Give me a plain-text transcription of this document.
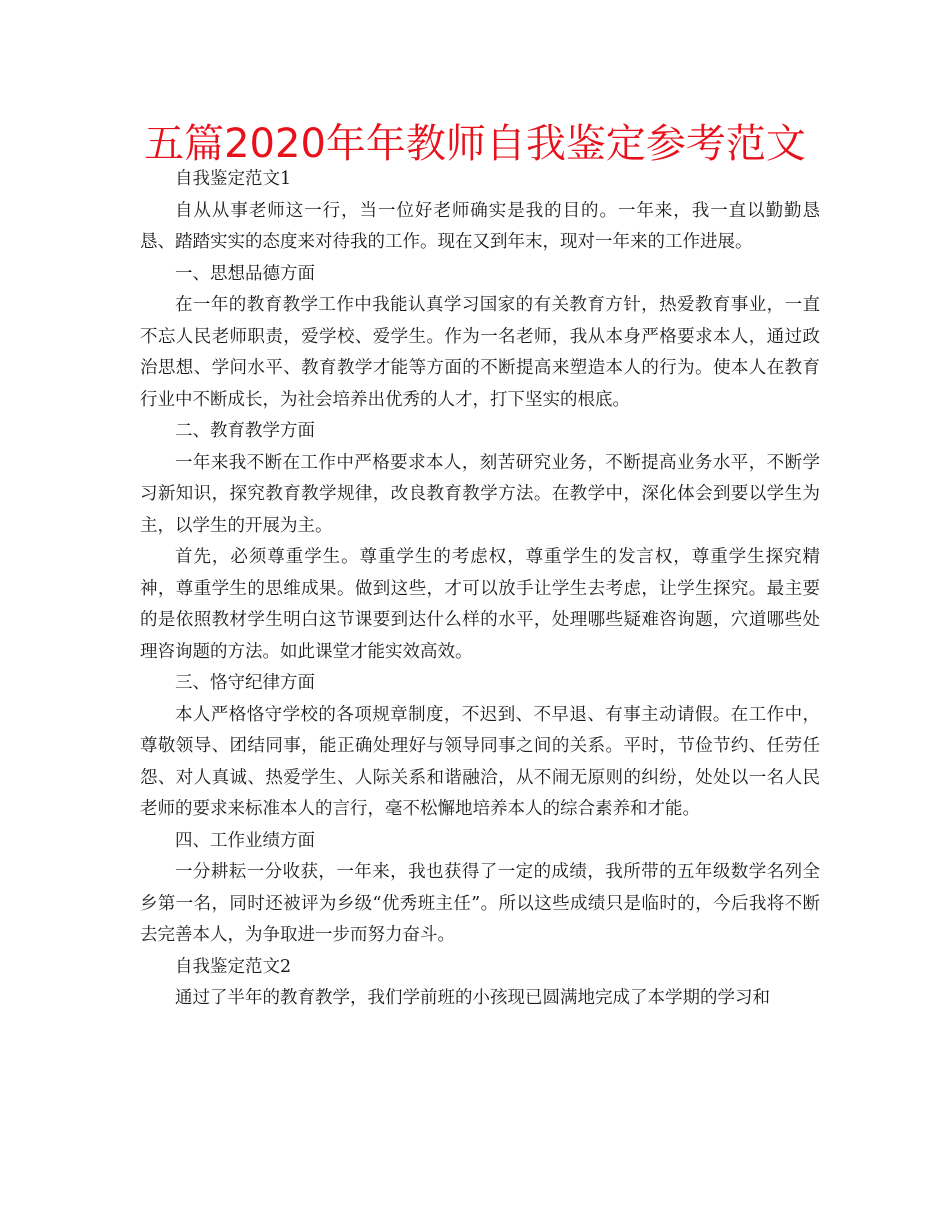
五篇2020年年教师自我鉴定参考范文

自我鉴定范文1

自从从事老师这一行，当一位好老师确实是我的目的。一年来，我一直以勤勤恳恳、踏踏实实的态度来对待我的工作。现在又到年末，现对一年来的工作进展。

一、思想品德方面

在一年的教育教学工作中我能认真学习国家的有关教育方针，热爱教育事业，一直不忘人民老师职责，爱学校、爱学生。作为一名老师，我从本身严格要求本人，通过政治思想、学问水平、教育教学才能等方面的不断提高来塑造本人的行为。使本人在教育行业中不断成长，为社会培养出优秀的人才，打下坚实的根底。

二、教育教学方面

一年来我不断在工作中严格要求本人，刻苦研究业务，不断提高业务水平，不断学习新知识，探究教育教学规律，改良教育教学方法。在教学中，深化体会到要以学生为主，以学生的开展为主。

首先，必须尊重学生。尊重学生的考虑权，尊重学生的发言权，尊重学生探究精神，尊重学生的思维成果。做到这些，才可以放手让学生去考虑，让学生探究。最主要的是依照教材学生明白这节课要到达什么样的水平，处理哪些疑难咨询题，穴道哪些处理咨询题的方法。如此课堂才能实效高效。

三、恪守纪律方面

本人严格恪守学校的各项规章制度，不迟到、不早退、有事主动请假。在工作中，尊敬领导、团结同事，能正确处理好与领导同事之间的关系。平时，节俭节约、任劳任怨、对人真诚、热爱学生、人际关系和谐融洽，从不闹无原则的纠纷，处处以一名人民老师的要求来标准本人的言行，毫不松懈地培养本人的综合素养和才能。

四、工作业绩方面

一分耕耘一分收获，一年来，我也获得了一定的成绩，我所带的五年级数学名列全乡第一名，同时还被评为乡级“优秀班主任”。所以这些成绩只是临时的，今后我将不断去完善本人，为争取进一步而努力奋斗。

自我鉴定范文2

通过了半年的教育教学，我们学前班的小孩现已圆满地完成了本学期的学习和
